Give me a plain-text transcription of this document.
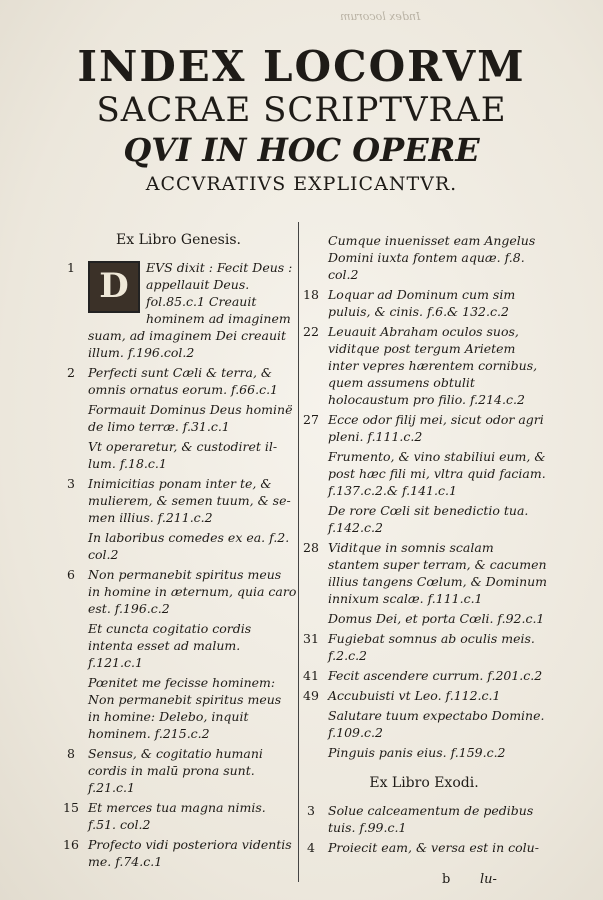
Index locorum
INDEX LOCORVM
SACRAE SCRIPTVRAE
QVI IN HOC OPERE
ACCVRATIVS EXPLICANTVR.
Ex Libro Genesis.
1 D	EVS dixit : Fecit Deus : appellauit Deus. fol.85.c.1 Creauit hominem ad imaginem suam, ad imaginem Dei creauit illum. f.196.col.2
2	Perfecti sunt Cæli & terra, & omnis ornatus eorum. f.66.c.1
Formauit Dominus Deus hominë de limo terræ. f.31.c.1
Vt operaretur, & custodiret il-lum. f.18.c.1
3	Inimicitias ponam inter te, & mulierem, & semen tuum, & se-men illius. f.211.c.2
In laboribus comedes ex ea. f.2. col.2
6	Non permanebit spiritus meus in homine in æternum, quia caro est. f.196.c.2
Et cuncta cogitatio cordis intenta esset ad malum. f.121.c.1
Pœnitet me fecisse hominem: Non permanebit spiritus meus in homine: Delebo, inquit hominem. f.215.c.2
8	Sensus, & cogitatio humani cordis in malū prona sunt. f.21.c.1
15 Et merces tua magna nimis. f.51. col.2
16 Profecto vidi posteriora videntis me. f.74.c.1
Cumque inuenisset eam Angelus Domini iuxta fontem aquæ. f.8. col.2
18 Loquar ad Dominum cum sim puluis, & cinis. f.6.& 132.c.2
22 Leuauit Abraham oculos suos, viditque post tergum Arietem inter vepres hærentem cornibus, quem assumens obtulit holocaustum pro filio. f.214.c.2
27 Ecce odor filij mei, sicut odor agri pleni. f.111.c.2
Frumento, & vino stabiliui eum, & post hæc fili mi, vltra quid faciam. f.137.c.2.& f.141.c.1
De rore Cœli sit benedictio tua. f.142.c.2
28 Viditque in somnis scalam stantem super terram, & cacumen illius tangens Cœlum, & Dominum innixum scalæ. f.111.c.1
Domus Dei, et porta Cœli. f.92.c.1
31 Fugiebat somnus ab oculis meis. f.2.c.2
41 Fecit ascendere currum. f.201.c.2
49 Accubuisti vt Leo. f.112.c.1
Salutare tuum expectabo Domine. f.109.c.2
Pinguis panis eius. f.159.c.2
Ex Libro Exodi.
3	Solue calceamentum de pedibus tuis. f.99.c.1
4	Proiecit eam, & versa est in colu-
b lu-
